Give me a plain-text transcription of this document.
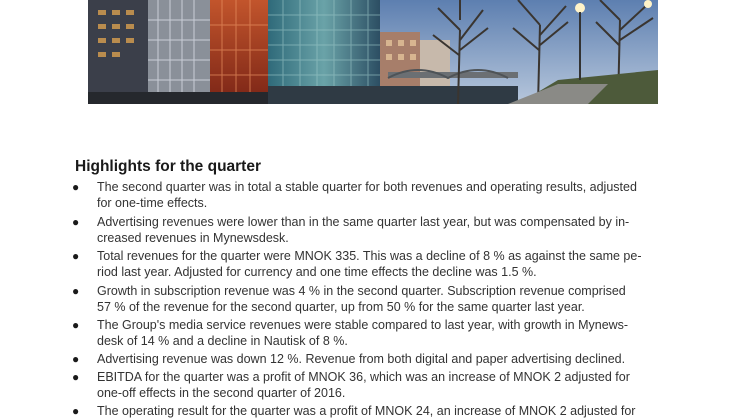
Highlights for the quarter
● The second quarter was in total a stable quarter for both revenues and operating results, adjusted
for one-time effects.
● Advertising revenues were lower than in the same quarter last year, but was compensated by in-
creased revenues in Mynewsdesk.
● Total revenues for the quarter were MNOK 335. This was a decline of 8 % as against the same pe-
riod last year. Adjusted for currency and one time effects the decline was 1.5 %.
● Growth in subscription revenue was 4 % in the second quarter. Subscription revenue comprised
57 % of the revenue for the second quarter, up from 50 % for the same quarter last year.
● The Group's media service revenues were stable compared to last year, with growth in Mynews-
desk of 14 % and a decline in Nautisk of 8 %.
● Advertising revenue was down 12 %. Revenue from both digital and paper advertising declined.
● EBITDA for the quarter was a profit of MNOK 36, which was an increase of MNOK 2 adjusted for
one-off effects in the second quarter of 2016.
● The operating result for the quarter was a profit of MNOK 24, an increase of MNOK 2 adjusted for
